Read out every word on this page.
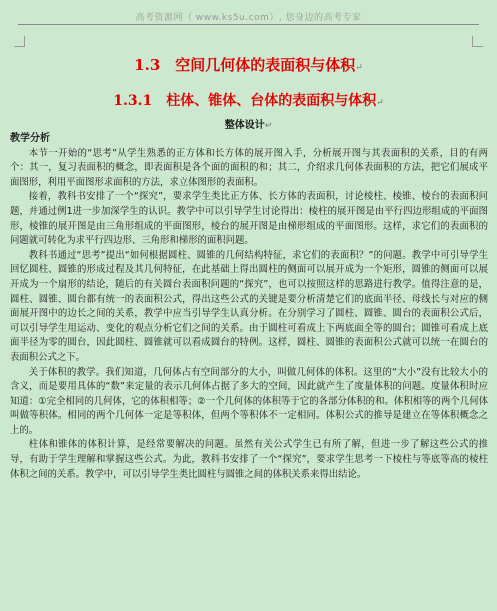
高考资源网（ www.ks5u.com）, 您身边的高考专家
1.3　空间几何体的表面积与体积↵
1.3.1　柱体、锥体、台体的表面积与体积↵
整体设计↵
教学分析

本节一开始的“思考”从学生熟悉的正方体和长方体的展开图入手，分析展开图与其表面积的关系，目的有两个：其一，复习表面积的概念，即表面积是各个面的面积的和；其二，介绍求几何体表面积的方法，把它们展成平面图形，利用平面图形求面积的方法，求立体图形的表面积。

接着，教科书安排了一个“探究”，要求学生类比正方体、长方体的表面积，讨论棱柱、棱锥、棱台的表面积问题，并通过例1进一步加深学生的认识。教学中可以引导学生讨论得出：棱柱的展开图是由平行四边形组成的平面图形，棱锥的展开图是由三角形组成的平面图形，棱台的展开图是由梯形组成的平面图形。这样，求它们的表面积的问题就可转化为求平行四边形、三角形和梯形的面积问题。

教科书通过“思考”提出“如何根据圆柱、圆锥的几何结构特征，求它们的表面积？”的问题。教学中可引导学生回忆圆柱、圆锥的形成过程及其几何特征，在此基础上得出圆柱的侧面可以展开成为一个矩形，圆锥的侧面可以展开成为一个扇形的结论，随后的有关圆台表面积问题的“探究”，也可以按照这样的思路进行教学。值得注意的是，圆柱、圆锥、圆台都有统一的表面积公式，得出这些公式的关键是要分析清楚它们的底面半径、母线长与对应的侧面展开图中的边长之间的关系，教学中应当引导学生认真分析。在分别学习了圆柱、圆锥、圆台的表面积公式后，可以引导学生用运动、变化的观点分析它们之间的关系。由于圆柱可看成上下两底面全等的圆台；圆锥可看成上底面半径为零的圆台，因此圆柱、圆锥就可以看成圆台的特例。这样，圆柱、圆锥的表面积公式就可以统一在圆台的表面积公式之下。

关于体积的教学。我们知道，几何体占有空间部分的大小，叫做几何体的体积。这里的“大小”没有比较大小的含义，而是要用具体的“数”来定量的表示几何体占据了多大的空间，因此就产生了度量体积的问题。度量体积时应知道：①完全相同的几何体，它的体积相等；②一个几何体的体积等于它的各部分体积的和。体积相等的两个几何体叫做等积体。相同的两个几何体一定是等积体，但两个等积体不一定相同。体积公式的推导是建立在等体积概念之上的。

柱体和锥体的体积计算，是经常要解决的问题。虽然有关公式学生已有所了解，但进一步了解这些公式的推导，有助于学生理解和掌握这些公式。为此，教科书安排了一个“探究”，要求学生思考一下棱柱与等底等高的棱柱体积之间的关系。教学中，可以引导学生类比圆柱与圆锥之间的体积关系来得出结论。
